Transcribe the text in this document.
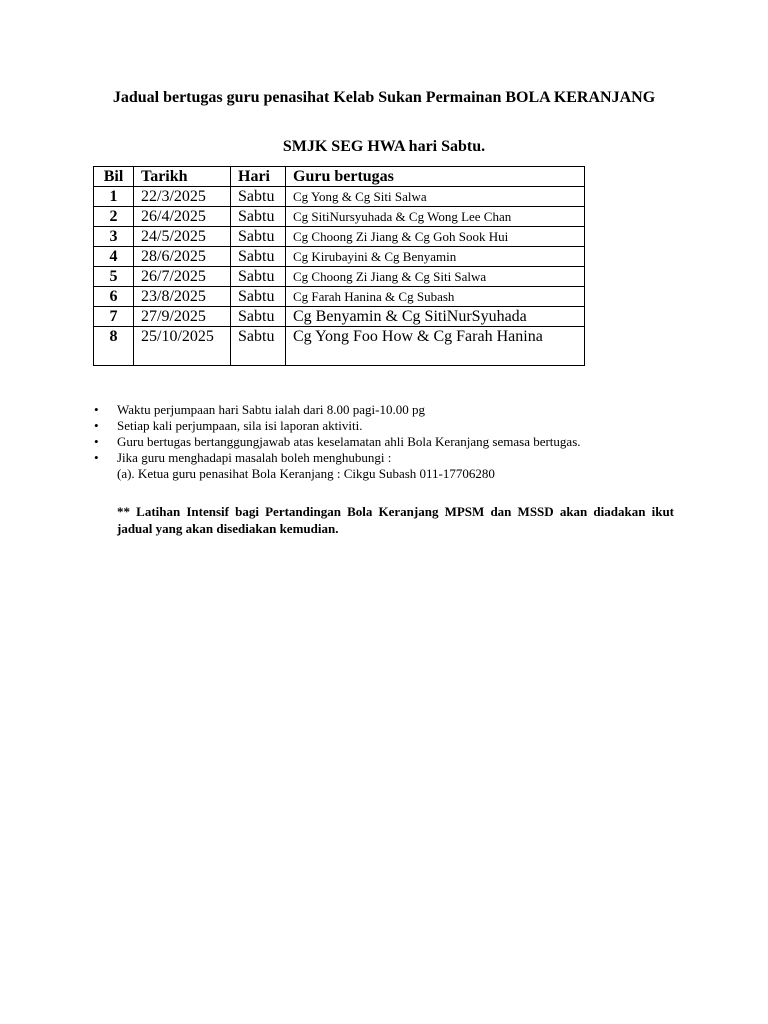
Jadual bertugas guru penasihat Kelab Sukan Permainan BOLA KERANJANG
SMJK SEG HWA hari Sabtu.
Bil	Tarikh	Hari	Guru bertugas
1	22/3/2025	Sabtu	Cg Yong & Cg Siti Salwa
2	26/4/2025	Sabtu	Cg SitiNursyuhada & Cg Wong Lee Chan
3	24/5/2025	Sabtu	Cg Choong Zi Jiang & Cg Goh Sook Hui
4	28/6/2025	Sabtu	Cg Kirubayini & Cg Benyamin
5	26/7/2025	Sabtu	Cg Choong Zi Jiang & Cg Siti Salwa
6	23/8/2025	Sabtu	Cg Farah Hanina & Cg Subash
7	27/9/2025	Sabtu	Cg Benyamin & Cg SitiNurSyuhada
8	25/10/2025	Sabtu	Cg Yong Foo How & Cg Farah Hanina
•	Waktu perjumpaan hari Sabtu ialah dari 8.00 pagi-10.00 pg
•	Setiap kali perjumpaan, sila isi laporan aktiviti.
•	Guru bertugas bertanggungjawab atas keselamatan ahli Bola Keranjang semasa bertugas.
•	Jika guru menghadapi masalah boleh menghubungi :
(a). Ketua guru penasihat Bola Keranjang : Cikgu Subash 011-17706280
** Latihan Intensif bagi Pertandingan Bola Keranjang MPSM dan MSSD akan diadakan ikut jadual yang akan disediakan kemudian.
